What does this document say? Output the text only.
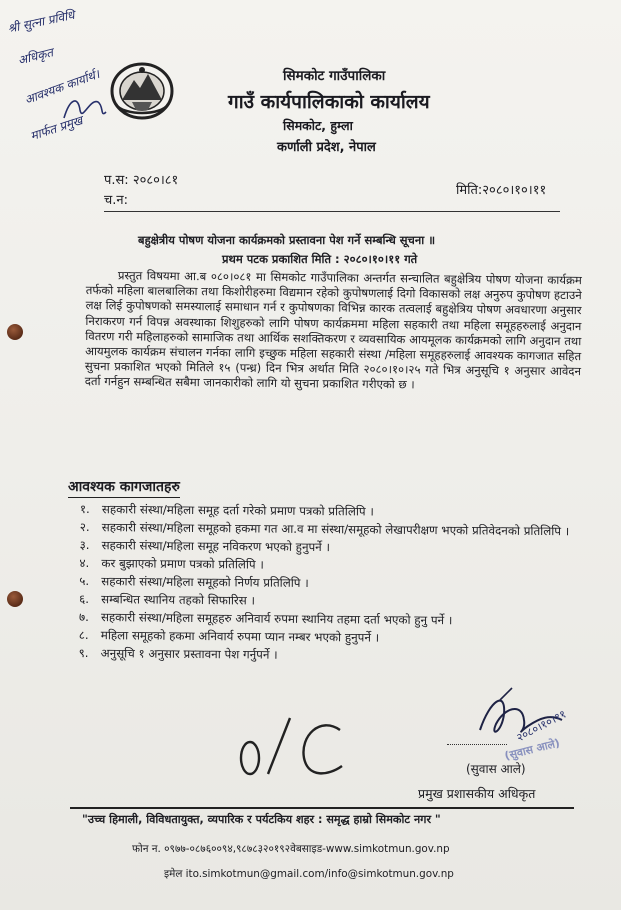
श्री सुत्ना प्रविधि
अधिकृत
आवश्यक कार्यार्थ।
मार्फत प्रमुख
सिमकोट गाउँपालिका
गाउँ कार्यपालिकाको कार्यालय
सिमकोट, हुम्ला
कर्णाली प्रदेश, नेपाल
प.स: २०८०।८१
च.न:
मिति:२०८०।१०।११
बहुक्षेत्रीय पोषण योजना कार्यक्रमको प्रस्तावना पेश गर्ने सम्बन्धि सूचना ॥
प्रथम पटक प्रकाशित मिति : २०८०।१०।११ गते
प्रस्तुत विषयमा आ.ब ०८०।०८१ मा सिमकोट गाउँपालिका अन्तर्गत सन्चालित बहुक्षेत्रिय पोषण योजना कार्यक्रम तर्फको महिला बालबालिका तथा किशोरीहरुमा विद्यमान रहेको कुपोषणलाई दिगो विकासको लक्ष अनुरुप कुपोषण हटाउने लक्ष लिई कुपोषणको समस्यालाई समाधान गर्न र कुपोषणका विभिन्न कारक तत्वलाई बहुक्षेत्रिय पोषण अवधारणा अनुसार निराकरण गर्न विपन्न अवस्थाका शिशुहरुको लागि पोषण कार्यक्रममा महिला सहकारी तथा महिला समूहहरुलाई अनुदान वितरण गरी महिलाहरुको सामाजिक तथा आर्थिक सशक्तिकरण र व्यवसायिक आयमूलक कार्यक्रमको लागि अनुदान तथा आयमुलक कार्यक्रम संचालन गर्नका लागि इच्छुक महिला सहकारी संस्था /महिला समूहहरुलाई आवश्यक कागजात सहित सुचना प्रकाशित भएको मितिले १५ (पन्ध्र) दिन भित्र अर्थात मिति २०८०।१०।२५ गते भित्र अनुसूचि १ अनुसार आवेदन दर्ता गर्नहुन सम्बन्धित सबैमा जानकारीको लागि यो सुचना प्रकाशित गरीएको छ ।
आवश्यक कागजातहरु
१. सहकारी संस्था/महिला समूह दर्ता गरेको प्रमाण पत्रको प्रतिलिपि ।
२. सहकारी संस्था/महिला समूहको हकमा गत आ.व मा संस्था/समूहको लेखापरीक्षण भएको प्रतिवेदनको प्रतिलिपि ।
३. सहकारी संस्था/महिला समूह नविकरण भएको हुनुपर्ने ।
४. कर बुझाएको प्रमाण पत्रको प्रतिलिपि ।
५. सहकारी संस्था/महिला समूहको निर्णय प्रतिलिपि ।
६. सम्बन्धित स्थानिय तहको सिफारिस ।
७. सहकारी संस्था/महिला समूहहरु अनिवार्य रुपमा स्थानिय तहमा दर्ता भएको हुनु पर्ने ।
८. महिला समूहको हकमा अनिवार्य रुपमा प्यान नम्बर भएको हुनुपर्ने ।
९. अनुसूचि १ अनुसार प्रस्तावना पेश गर्नुपर्ने ।
२०८०।१०।११
(सुवास आले)
(सुवास आले)
प्रमुख प्रशासकीय अधिकृत
"उच्च हिमाली, विविधतायुक्त, व्यपारिक र पर्यटकिय शहर : समृद्ध हाम्रो सिमकोट नगर "
फोन न. ०९७७-०८७६००९४,९८७८३२०१९२वेबसाइड-www.simkotmun.gov.np
इमेल ito.simkotmun@gmail.com/info@simkotmun.gov.np
